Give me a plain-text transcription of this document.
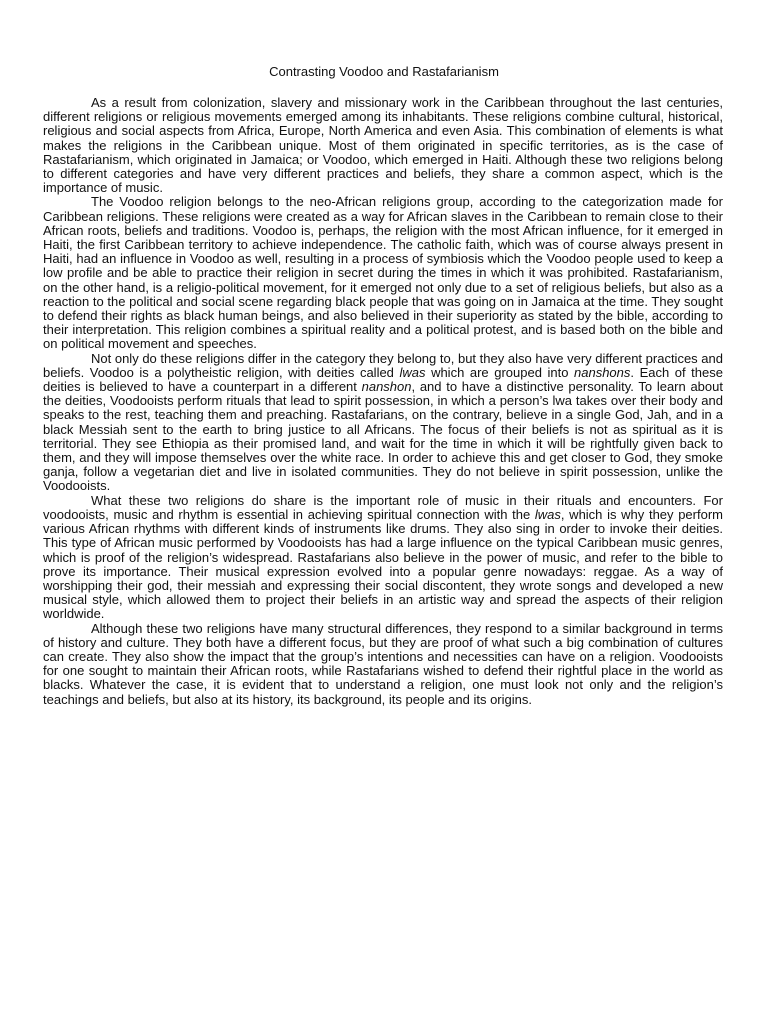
Contrasting Voodoo and Rastafarianism

As a result from colonization, slavery and missionary work in the Caribbean throughout the last centuries, different religions or religious movements emerged among its inhabitants. These religions combine cultural, historical, religious and social aspects from Africa, Europe, North America and even Asia. This combination of elements is what makes the religions in the Caribbean unique. Most of them originated in specific territories, as is the case of Rastafarianism, which originated in Jamaica; or Voodoo, which emerged in Haiti. Although these two religions belong to different categories and have very different practices and beliefs, they share a common aspect, which is the importance of music.

The Voodoo religion belongs to the neo-African religions group, according to the categorization made for Caribbean religions. These religions were created as a way for African slaves in the Caribbean to remain close to their African roots, beliefs and traditions. Voodoo is, perhaps, the religion with the most African influence, for it emerged in Haiti, the first Caribbean territory to achieve independence. The catholic faith, which was of course always present in Haiti, had an influence in Voodoo as well, resulting in a process of symbiosis which the Voodoo people used to keep a low profile and be able to practice their religion in secret during the times in which it was prohibited. Rastafarianism, on the other hand, is a religio-political movement, for it emerged not only due to a set of religious beliefs, but also as a reaction to the political and social scene regarding black people that was going on in Jamaica at the time. They sought to defend their rights as black human beings, and also believed in their superiority as stated by the bible, according to their interpretation. This religion combines a spiritual reality and a political protest, and is based both on the bible and on political movement and speeches.

Not only do these religions differ in the category they belong to, but they also have very different practices and beliefs. Voodoo is a polytheistic religion, with deities called lwas which are grouped into nanshons. Each of these deities is believed to have a counterpart in a different nanshon, and to have a distinctive personality. To learn about the deities, Voodooists perform rituals that lead to spirit possession, in which a person’s lwa takes over their body and speaks to the rest, teaching them and preaching. Rastafarians, on the contrary, believe in a single God, Jah, and in a black Messiah sent to the earth to bring justice to all Africans. The focus of their beliefs is not as spiritual as it is territorial. They see Ethiopia as their promised land, and wait for the time in which it will be rightfully given back to them, and they will impose themselves over the white race. In order to achieve this and get closer to God, they smoke ganja, follow a vegetarian diet and live in isolated communities. They do not believe in spirit possession, unlike the Voodooists.

What these two religions do share is the important role of music in their rituals and encounters. For voodooists, music and rhythm is essential in achieving spiritual connection with the lwas, which is why they perform various African rhythms with different kinds of instruments like drums. They also sing in order to invoke their deities. This type of African music performed by Voodooists has had a large influence on the typical Caribbean music genres, which is proof of the religion’s widespread. Rastafarians also believe in the power of music, and refer to the bible to prove its importance. Their musical expression evolved into a popular genre nowadays: reggae. As a way of worshipping their god, their messiah and expressing their social discontent, they wrote songs and developed a new musical style, which allowed them to project their beliefs in an artistic way and spread the aspects of their religion worldwide.

Although these two religions have many structural differences, they respond to a similar background in terms of history and culture. They both have a different focus, but they are proof of what such a big combination of cultures can create. They also show the impact that the group’s intentions and necessities can have on a religion. Voodooists for one sought to maintain their African roots, while Rastafarians wished to defend their rightful place in the world as blacks. Whatever the case, it is evident that to understand a religion, one must look not only and the religion’s teachings and beliefs, but also at its history, its background, its people and its origins.
